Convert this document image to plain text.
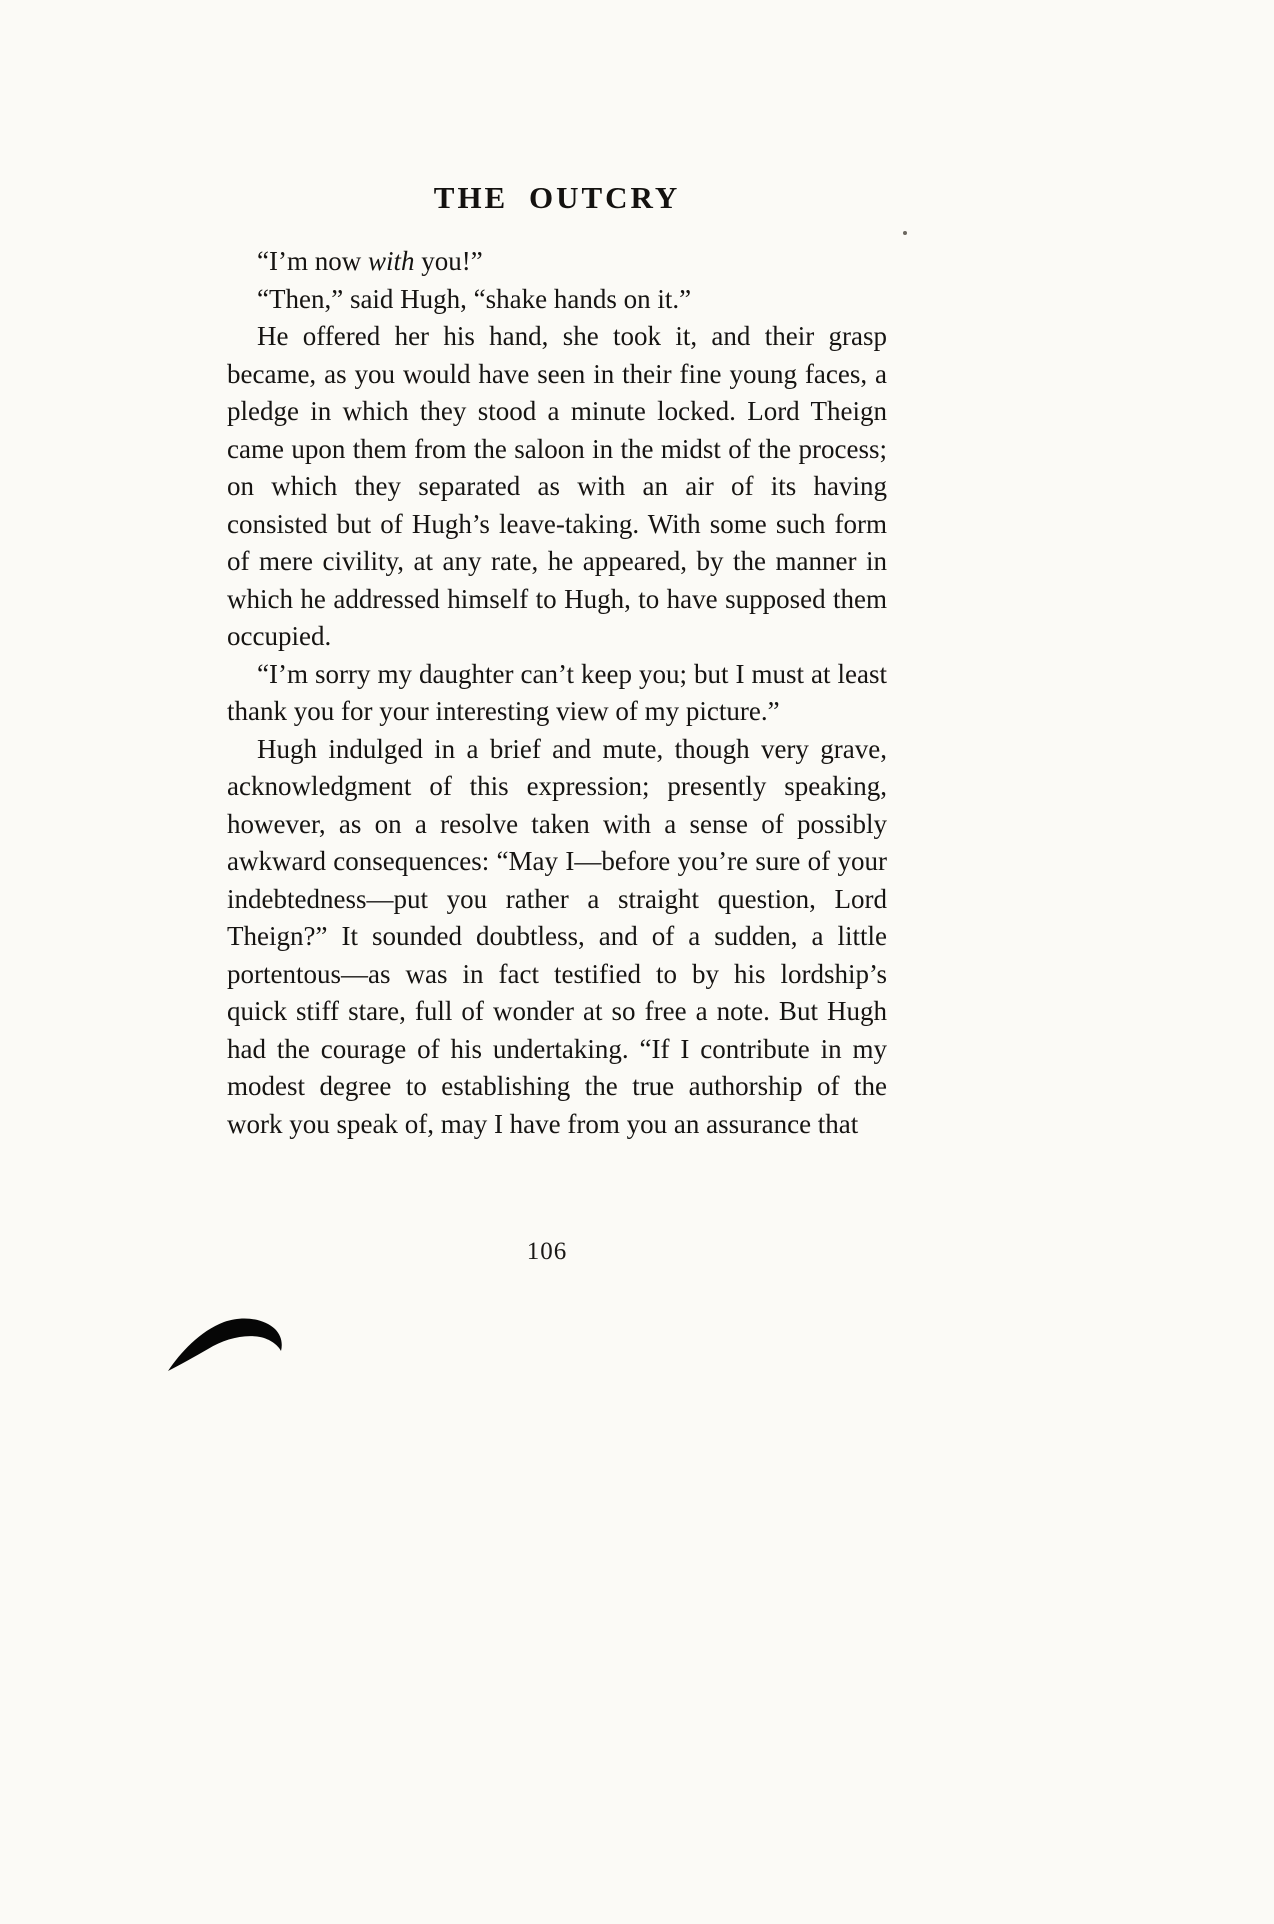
THE OUTCRY

“I’m now with you!”

“Then,” said Hugh, “shake hands on it.”

He offered her his hand, she took it, and their grasp became, as you would have seen in their fine young faces, a pledge in which they stood a minute locked. Lord Theign came upon them from the saloon in the midst of the process; on which they separated as with an air of its having consisted but of Hugh’s leave-taking. With some such form of mere civility, at any rate, he appeared, by the manner in which he addressed himself to Hugh, to have supposed them occupied.

“I’m sorry my daughter can’t keep you; but I must at least thank you for your interesting view of my picture.”

Hugh indulged in a brief and mute, though very grave, acknowledgment of this expression; presently speaking, however, as on a resolve taken with a sense of possibly awkward consequences: “May I—before you’re sure of your indebtedness—put you rather a straight question, Lord Theign?” It sounded doubtless, and of a sudden, a little portentous—as was in fact testified to by his lordship’s quick stiff stare, full of wonder at so free a note. But Hugh had the courage of his undertaking. “If I contribute in my modest degree to establishing the true authorship of the work you speak of, may I have from you an assurance that

106
